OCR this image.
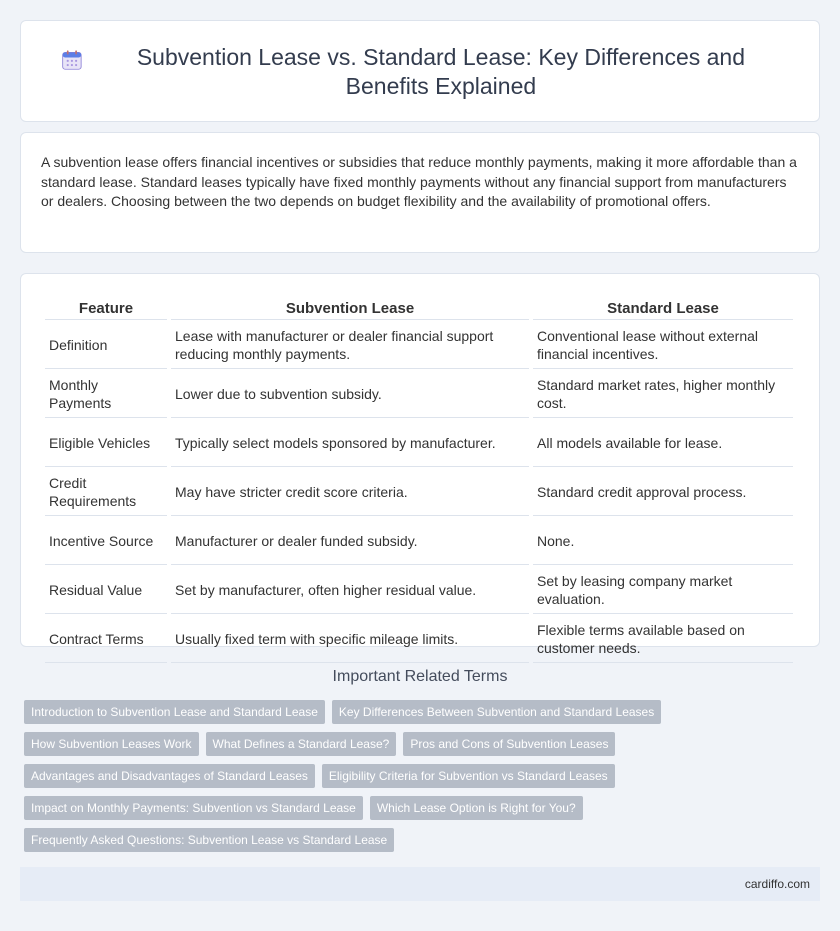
Subvention Lease vs. Standard Lease: Key Differences and Benefits Explained

A subvention lease offers financial incentives or subsidies that reduce monthly payments, making it more affordable than a standard lease. Standard leases typically have fixed monthly payments without any financial support from manufacturers or dealers. Choosing between the two depends on budget flexibility and the availability of promotional offers.

Feature	Subvention Lease	Standard Lease
Definition	Lease with manufacturer or dealer financial support reducing monthly payments.	Conventional lease without external financial incentives.
Monthly Payments	Lower due to subvention subsidy.	Standard market rates, higher monthly cost.
Eligible Vehicles	Typically select models sponsored by manufacturer.	All models available for lease.
Credit Requirements	May have stricter credit score criteria.	Standard credit approval process.
Incentive Source	Manufacturer or dealer funded subsidy.	None.
Residual Value	Set by manufacturer, often higher residual value.	Set by leasing company market evaluation.
Contract Terms	Usually fixed term with specific mileage limits.	Flexible terms available based on customer needs.
Important Related Terms
Introduction to Subvention Lease and Standard Lease	Key Differences Between Subvention and Standard Leases
How Subvention Leases Work	What Defines a Standard Lease?	Pros and Cons of Subvention Leases
Advantages and Disadvantages of Standard Leases	Eligibility Criteria for Subvention vs Standard Leases
Impact on Monthly Payments: Subvention vs Standard Lease	Which Lease Option is Right for You?
Frequently Asked Questions: Subvention Lease vs Standard Lease
cardiffo.com
